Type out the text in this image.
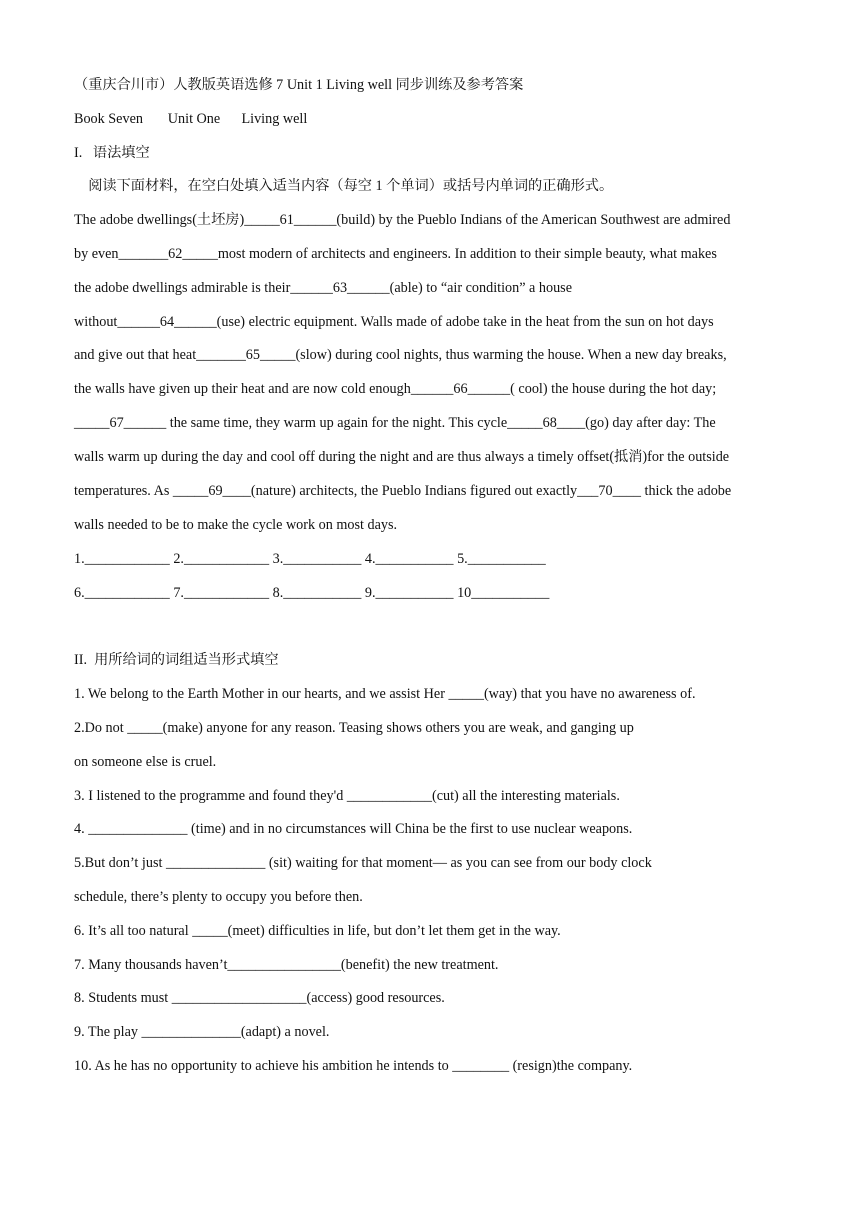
（重庆合川市）人教版英语选修 7 Unit 1 Living well 同步训练及参考答案
Book Seven       Unit One      Living well
I.   语法填空
阅读下面材料，在空白处填入适当内容（每空 1 个单词）或括号内单词的正确形式。
The adobe dwellings(土坯房)_____61______(build) by the Pueblo Indians of the American Southwest are admired
by even_______62_____most modern of architects and engineers. In addition to their simple beauty, what makes
the adobe dwellings admirable is their______63______(able) to “air condition” a house
without______64______(use) electric equipment. Walls made of adobe take in the heat from the sun on hot days
and give out that heat_______65_____(slow) during cool nights, thus warming the house. When a new day breaks,
the walls have given up their heat and are now cold enough______66______( cool) the house during the hot day;
_____67______ the same time, they warm up again for the night. This cycle_____68____(go) day after day: The
walls warm up during the day and cool off during the night and are thus always a timely offset(抵消)for the outside
temperatures. As _____69____(nature) architects, the Pueblo Indians figured out exactly___70____ thick the adobe
walls needed to be to make the cycle work on most days.
1.____________ 2.____________ 3.___________ 4.___________ 5.___________
6.____________ 7.____________ 8.___________ 9.___________ 10___________
II.  用所给词的词组适当形式填空
1. We belong to the Earth Mother in our hearts, and we assist Her _____(way) that you have no awareness of.
2.Do not _____(make) anyone for any reason. Teasing shows others you are weak, and ganging up
on someone else is cruel.
3. I listened to the programme and found they'd ____________(cut) all the interesting materials.
4. ______________ (time) and in no circumstances will China be the first to use nuclear weapons.
5.But don’t just ______________ (sit) waiting for that moment— as you can see from our body clock
schedule, there’s plenty to occupy you before then.
6. It’s all too natural _____(meet) difficulties in life, but don’t let them get in the way.
7. Many thousands haven’t________________(benefit) the new treatment.
8. Students must ___________________(access) good resources.
9. The play ______________(adapt) a novel.
10. As he has no opportunity to achieve his ambition he intends to ________ (resign)the company.
